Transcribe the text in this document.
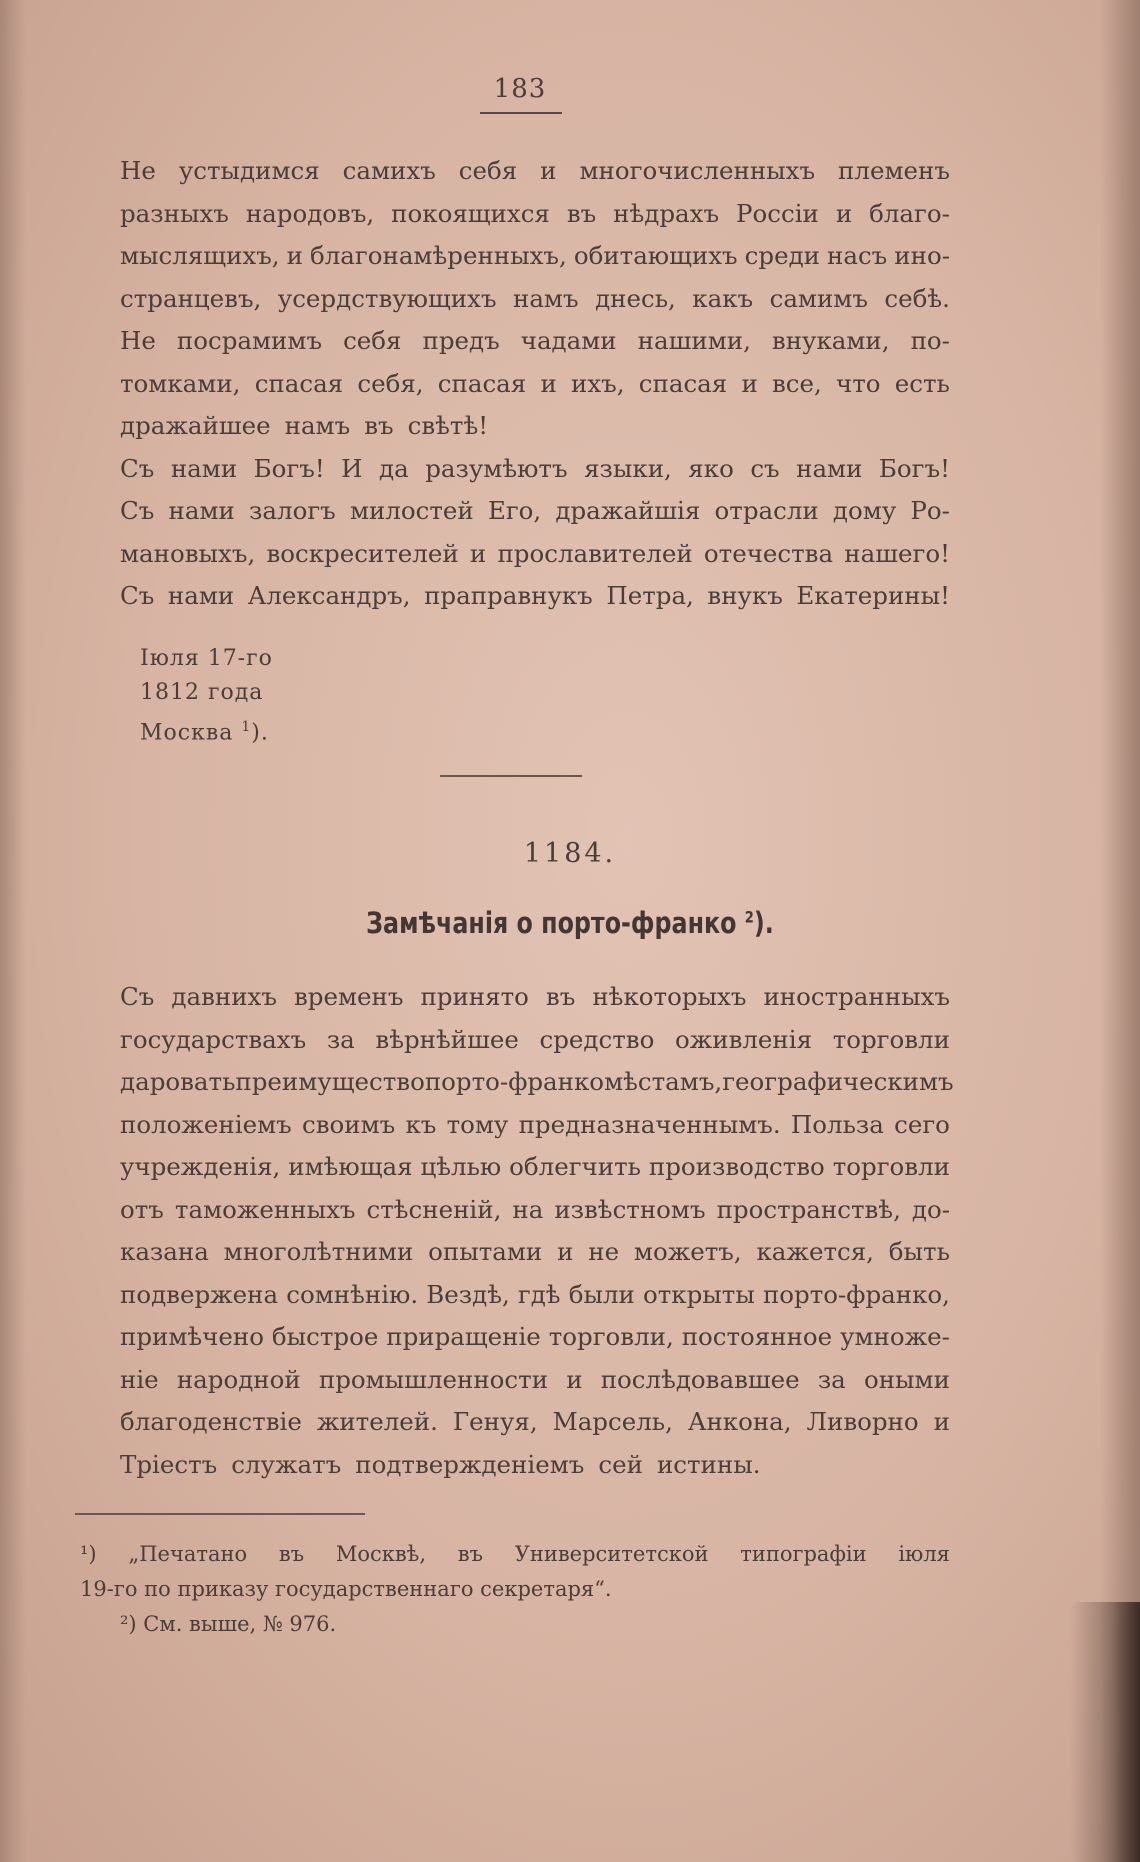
183
Не устыдимся самихъ себя и многочисленныхъ племенъ
разныхъ народовъ, покоящихся въ нѣдрахъ Россіи и благо-
мыслящихъ, и благонамѣренныхъ, обитающихъ среди насъ ино-
странцевъ, усердствующихъ намъ днесь, какъ самимъ себѣ.
Не посрамимъ себя предъ чадами нашими, внуками, по-
томками, спасая себя, спасая и ихъ, спасая и все, что есть
дражайшее намъ въ свѣтѣ!
Съ нами Богъ! И да разумѣютъ языки, яко съ нами Богъ!
Съ нами залогъ милостей Его, дражайшія отрасли дому Ро-
мановыхъ, воскресителей и прославителей отечества нашего!
Съ нами Александръ, праправнукъ Петра, внукъ Екатерины!
Іюля 17-го
1812 года
Москва $^1$).
1184.
Замѣчанія о порто-франко $^2$).
Съ давнихъ временъ принято въ нѣкоторыхъ иностранныхъ
государствахъ за вѣрнѣйшее средство оживленія торговли
даровать преимущество порто-франко мѣстамъ, географическимъ
положеніемъ своимъ къ тому предназначеннымъ. Польза сего
учрежденія, имѣющая цѣлью облегчить производство торговли
отъ таможенныхъ стѣсненій, на извѣстномъ пространствѣ, до-
казана многолѣтними опытами и не можетъ, кажется, быть
подвержена сомнѣнію. Вездѣ, гдѣ были открыты порто-франко,
примѣчено быстрое приращеніе торговли, постоянное умноже-
ніе народной промышленности и послѣдовавшее за оными
благоденствіе жителей. Генуя, Марсель, Анкона, Ливорно и
Тріестъ служатъ подтвержденіемъ сей истины.
¹) „Печатано въ Москвѣ, въ Университетской типографіи іюля
19-го по приказу государственнаго секретаря“.
²) См. выше, № 976.
